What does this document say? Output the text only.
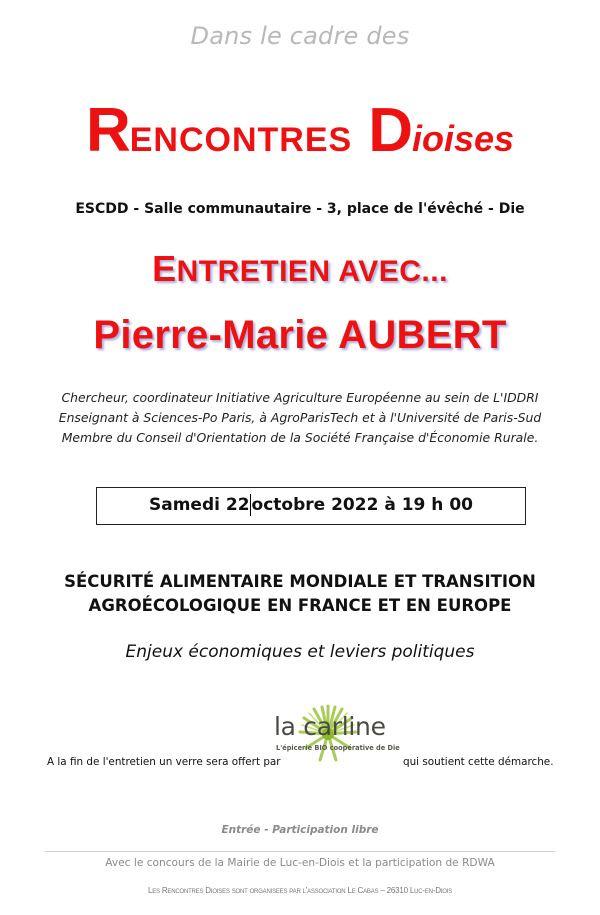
Dans le cadre des
RENCONTRES Dioises
ESCDD - Salle communautaire - 3, place de l'évêché - Die
ENTRETIEN AVEC...
Pierre-Marie AUBERT
Chercheur, coordinateur Initiative Agriculture Européenne au sein de L'IDDRI
Enseignant à Sciences-Po Paris, à AgroParisTech et à l'Université de Paris-Sud
Membre du Conseil d'Orientation de la Société Française d'Économie Rurale.
Samedi 22 octobre 2022 à 19 h 00
SÉCURITÉ ALIMENTAIRE MONDIALE ET TRANSITION
AGROÉCOLOGIQUE EN FRANCE ET EN EUROPE
Enjeux économiques et leviers politiques
la carline
L'épicerie BIO coopérative de Die
A la fin de l'entretien un verre sera offert par	qui soutient cette démarche.
Entrée - Participation libre
Avec le concours de la Mairie de Luc-en-Diois et la participation de RDWA
Les Rencontres Dioises sont organisees par l'association Le Cabas – 26310 Luc-en-Diois
